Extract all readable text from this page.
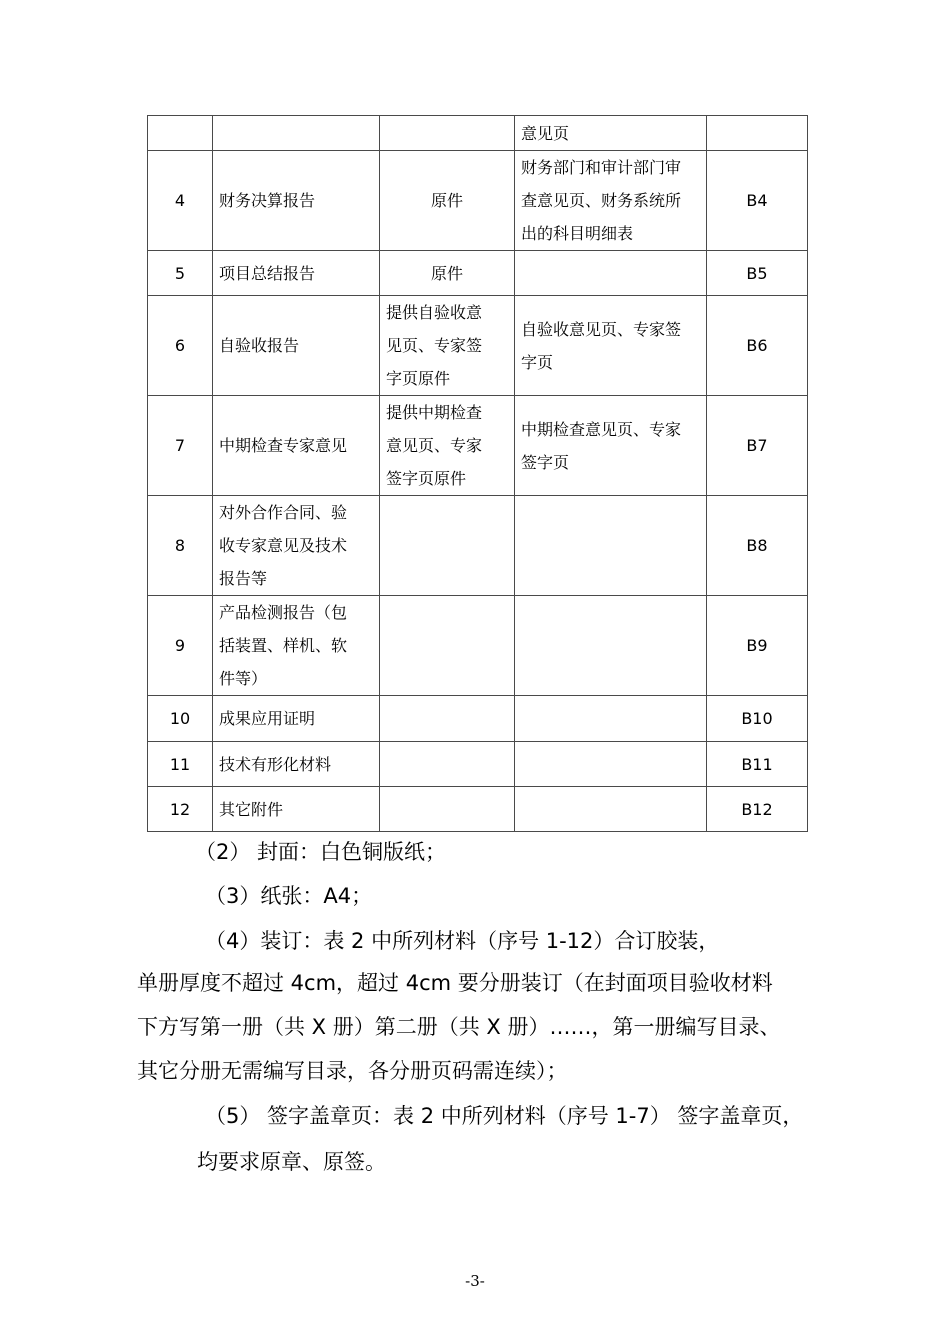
			意见页	
4	财务决算报告	原件	财务部门和审计部门审
查意见页、财务系统所
出的科目明细表	B4
5	项目总结报告	原件		B5
6	自验收报告	提供自验收意
见页、专家签
字页原件	自验收意见页、专家签
字页	B6
7	中期检查专家意见	提供中期检查
意见页、专家
签字页原件	中期检查意见页、专家
签字页	B7
8	对外合作合同、验
收专家意见及技术
报告等			B8
9	产品检测报告（包
括装置、样机、软
件等）			B9
10	成果应用证明			B10
11	技术有形化材料			B11
12	其它附件			B12
（2） 封面：白色铜版纸；
（3）纸张：A4；
（4）装订：表 2 中所列材料（序号 1-12）合订胶装，
单册厚度不超过 4cm，超过 4cm 要分册装订（在封面项目验收材料
下方写第一册（共 X 册）第二册（共 X 册）……，第一册编写目录、
其它分册无需编写目录，各分册页码需连续）；
（5） 签字盖章页：表 2 中所列材料（序号 1-7） 签字盖章页，
均要求原章、原签。
-3-
